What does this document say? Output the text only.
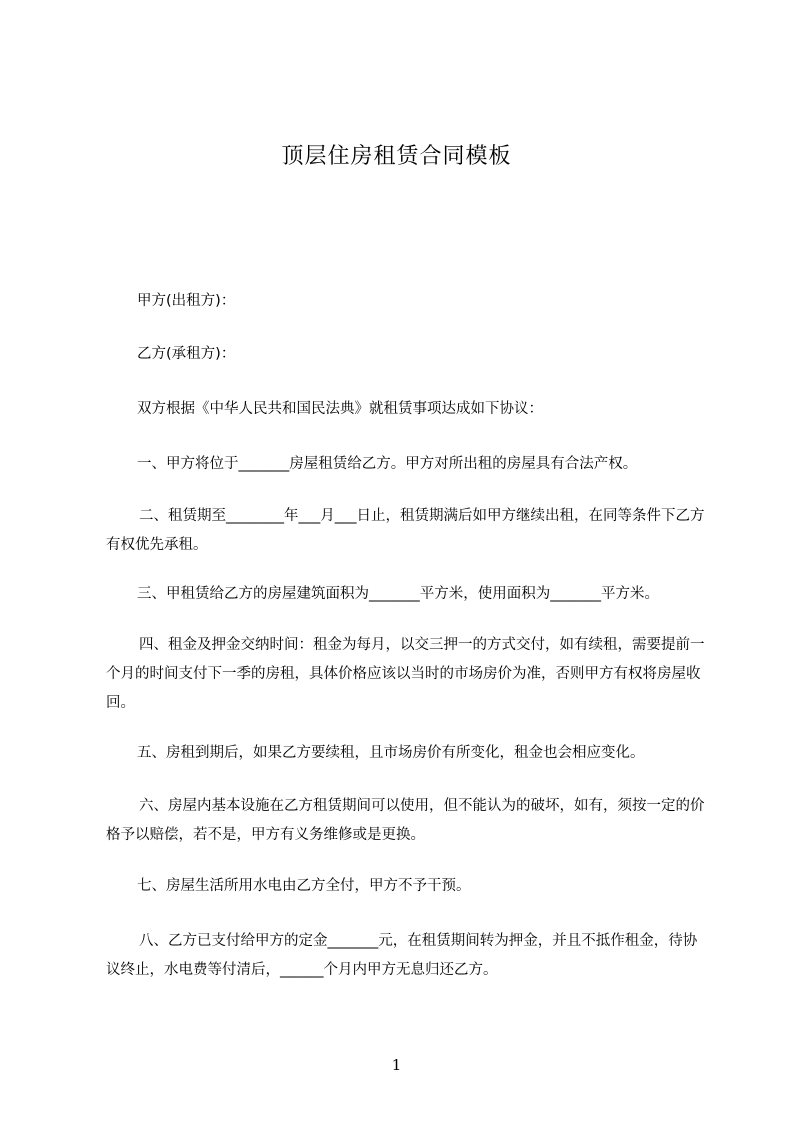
顶层住房租赁合同模板
甲方(出租方)：
乙方(承租方)：
双方根据《中华人民共和国民法典》就租赁事项达成如下协议：
一、甲方将位于_______房屋租赁给乙方。甲方对所出租的房屋具有合法产权。
二、租赁期至________年___月___日止，租赁期满后如甲方继续出租，在同等条件下乙方有权优先承租。
三、甲租赁给乙方的房屋建筑面积为_______平方米，使用面积为_______平方米。
四、租金及押金交纳时间：租金为每月，以交三押一的方式交付，如有续租，需要提前一个月的时间支付下一季的房租，具体价格应该以当时的市场房价为准，否则甲方有权将房屋收回。
五、房租到期后，如果乙方要续租，且市场房价有所变化，租金也会相应变化。
六、房屋内基本设施在乙方租赁期间可以使用，但不能认为的破坏，如有，须按一定的价格予以赔偿，若不是，甲方有义务维修或是更换。
七、房屋生活所用水电由乙方全付，甲方不予干预。
八、乙方已支付给甲方的定金_______元，在租赁期间转为押金，并且不抵作租金，待协议终止，水电费等付清后，______个月内甲方无息归还乙方。
1
